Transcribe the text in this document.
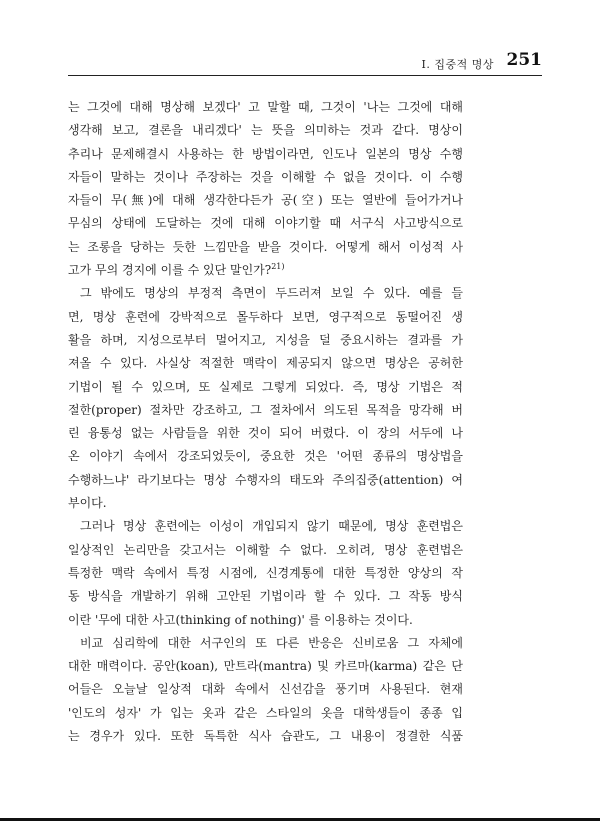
I. 집중적 명상 251
는 그것에 대해 명상해 보겠다' 고 말할 때, 그것이 '나는 그것에 대해
생각해 보고, 결론을 내리겠다' 는 뜻을 의미하는 것과 같다. 명상이
추리나 문제해결시 사용하는 한 방법이라면, 인도나 일본의 명상 수행
자들이 말하는 것이나 주장하는 것을 이해할 수 없을 것이다. 이 수행
자들이 무(無)에 대해 생각한다든가 공(空) 또는 열반에 들어가거나
무심의 상태에 도달하는 것에 대해 이야기할 때 서구식 사고방식으로
는 조롱을 당하는 듯한 느낌만을 받을 것이다. 어떻게 해서 이성적 사
고가 무의 경지에 이를 수 있단 말인가?$^{21)}$
그 밖에도 명상의 부정적 측면이 두드러져 보일 수 있다. 예를 들
면, 명상 훈련에 강박적으로 몰두하다 보면, 영구적으로 동떨어진 생
활을 하며, 지성으로부터 멀어지고, 지성을 덜 중요시하는 결과를 가
져올 수 있다. 사실상 적절한 맥락이 제공되지 않으면 명상은 공허한
기법이 될 수 있으며, 또 실제로 그렇게 되었다. 즉, 명상 기법은 적
절한(proper) 절차만 강조하고, 그 절차에서 의도된 목적을 망각해 버
린 융통성 없는 사람들을 위한 것이 되어 버렸다. 이 장의 서두에 나
온 이야기 속에서 강조되었듯이, 중요한 것은 '어떤 종류의 명상법을
수행하느냐' 라기보다는 명상 수행자의 태도와 주의집중(attention) 여
부이다.
그러나 명상 훈련에는 이성이 개입되지 않기 때문에, 명상 훈련법은
일상적인 논리만을 갖고서는 이해할 수 없다. 오히려, 명상 훈련법은
특정한 맥락 속에서 특정 시점에, 신경계통에 대한 특정한 양상의 작
동 방식을 개발하기 위해 고안된 기법이라 할 수 있다. 그 작동 방식
이란 '무에 대한 사고(thinking of nothing)' 를 이용하는 것이다.
비교 심리학에 대한 서구인의 또 다른 반응은 신비로움 그 자체에
대한 매력이다. 공안(koan), 만트라(mantra) 및 카르마(karma) 같은 단
어들은 오늘날 일상적 대화 속에서 신선감을 풍기며 사용된다. 현재
'인도의 성자' 가 입는 옷과 같은 스타일의 옷을 대학생들이 종종 입
는 경우가 있다. 또한 독특한 식사 습관도, 그 내용이 정결한 식품
